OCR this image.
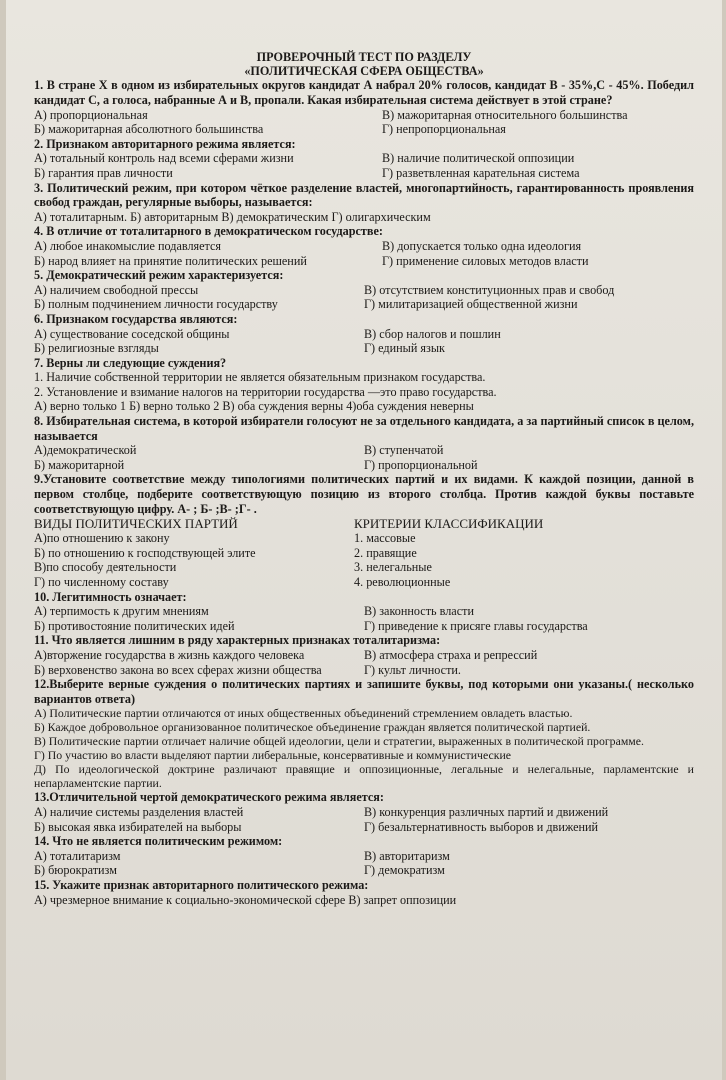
ПРОВЕРОЧНЫЙ ТЕСТ ПО РАЗДЕЛУ
«ПОЛИТИЧЕСКАЯ СФЕРА ОБЩЕСТВА»
1. В стране X в одном из избирательных округов кандидат А набрал 20% голосов, кандидат В - 35%,С - 45%. Победил кандидат С, а голоса, набранные А и В, пропали. Какая избирательная система действует в этой стране?
А) пропорциональная	В) мажоритарная относительного большинства
Б) мажоритарная абсолютного большинства	Г) непропорциональная
2. Признаком авторитарного режима является:
А) тотальный контроль над всеми сферами жизни	В) наличие политической оппозиции
Б) гарантия прав личности	Г) разветвленная карательная система
3. Политический режим, при котором чёткое разделение властей, многопартийность, гарантированность проявления свобод граждан, регулярные выборы, называется:
А) тоталитарным. Б) авторитарным В) демократическим Г) олигархическим
4. В отличие от тоталитарного в демократическом государстве:
А) любое инакомыслие подавляется	В) допускается только одна идеология
Б) народ влияет на принятие политических решений	Г) применение силовых методов власти
5. Демократический режим характеризуется:
А) наличием свободной прессы	В) отсутствием конституционных прав и свобод
Б) полным подчинением личности государству	Г) милитаризацией общественной жизни
6. Признаком государства являются:
А) существование соседской общины	В) сбор налогов и пошлин
Б) религиозные взгляды	Г) единый язык
7. Верны ли следующие суждения?
1. Наличие собственной территории не является обязательным признаком государства.
2. Установление и взимание налогов на территории государства —это право государства.
А) верно только 1 Б) верно только 2 В) оба суждения верны 4)оба суждения неверны
8. Избирательная система, в которой избиратели голосуют не за отдельного кандидата, а за партийный список в целом, называется
А)демократической	В) ступенчатой
Б) мажоритарной	Г) пропорциональной
9.Установите соответствие между типологиями политических партий и их видами. К каждой позиции, данной в первом столбце, подберите соответствующую позицию из второго столбца. Против каждой буквы поставьте соответствующую цифру. А- ; Б- ;В- ;Г- .
ВИДЫ ПОЛИТИЧЕСКИХ ПАРТИЙ	КРИТЕРИИ КЛАССИФИКАЦИИ
А)по отношению к закону	1. массовые
Б) по отношению к господствующей элите	2. правящие
В)по способу деятельности	3. нелегальные
Г) по численному составу	4. революционные
10. Легитимность означает:
А) терпимость к другим мнениям	В) законность власти
Б) противостояние политических идей	Г) приведение к присяге главы государства
11. Что является лишним в ряду характерных признаках тоталитаризма:
А)вторжение государства в жизнь каждого человека	В) атмосфера страха и репрессий
Б) верховенство закона во всех сферах жизни общества	Г) культ личности.
12.Выберите верные суждения о политических партиях и запишите буквы, под которыми они указаны.( несколько вариантов ответа)
А) Политические партии отличаются от иных общественных объединений стремлением овладеть властью.
Б) Каждое добровольное организованное политическое объединение граждан является политической партией.
В) Политические партии отличает наличие общей идеологии, цели и стратегии, выраженных в политической программе.
Г) По участию во власти выделяют партии либеральные, консервативные и коммунистические
Д) По идеологической доктрине различают правящие и оппозиционные, легальные и нелегальные, парламентские и непарламентские партии.
13.Отличительной чертой демократического режима является:
А) наличие системы разделения властей	В) конкуренция различных партий и движений
Б) высокая явка избирателей на выборы	Г) безальтернативность выборов и движений
14. Что не является политическим режимом:
А) тоталитаризм	В) авторитаризм
Б) бюрократизм	Г) демократизм
15. Укажите признак авторитарного политического режима:
А) чрезмерное внимание к социально-экономической сфере В) запрет оппозиции
